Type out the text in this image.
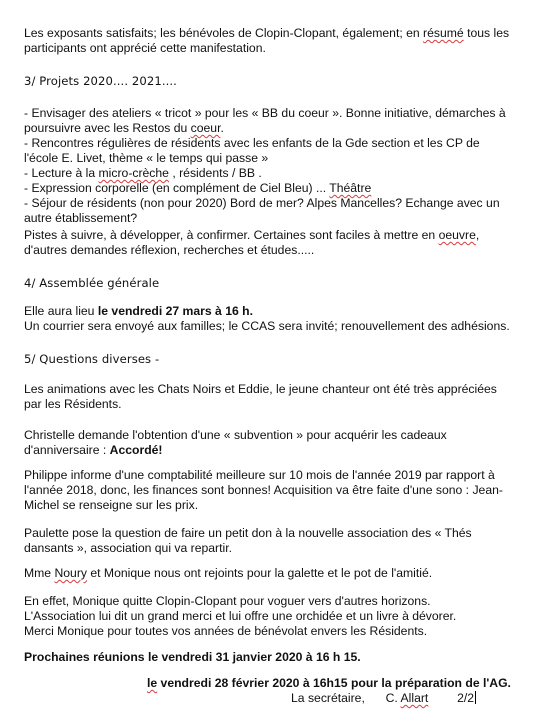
Les exposants satisfaits; les bénévoles de Clopin-Clopant, également; en résumé tous les
participants ont apprécié cette manifestation.
3/ Projets 2020.... 2021....
- Envisager des ateliers « tricot » pour les « BB du coeur ». Bonne initiative, démarches à
poursuivre avec les Restos du coeur.
- Rencontres régulières de résidents avec les enfants de la Gde section et les CP de
l'école E. Livet, thème « le temps qui passe »
- Lecture à la micro-crèche , résidents / BB .
- Expression corporelle (en complément de Ciel Bleu) ... Théâtre
- Séjour de résidents (non pour 2020) Bord de mer? Alpes Mancelles? Echange avec un
autre établissement?
Pistes à suivre, à développer, à confirmer. Certaines sont faciles à mettre en oeuvre,
d'autres demandes réflexion, recherches et études.....
4/ Assemblée générale
Elle aura lieu le vendredi 27 mars à 16 h.
Un courrier sera envoyé aux familles; le CCAS sera invité; renouvellement des adhésions.
5/ Questions diverses -
Les animations avec les Chats Noirs et Eddie, le jeune chanteur ont été très appréciées
par les Résidents.
Christelle demande l'obtention d'une « subvention » pour acquérir les cadeaux
d'anniversaire : Accordé!
Philippe informe d'une comptabilité meilleure sur 10 mois de l'année 2019 par rapport à
l'année 2018, donc, les finances sont bonnes! Acquisition va être faite d'une sono : Jean-
Michel se renseigne sur les prix.
Paulette pose la question de faire un petit don à la nouvelle association des « Thés
dansants », association qui va repartir.
Mme Noury et Monique nous ont rejoints pour la galette et le pot de l'amitié.
En effet, Monique quitte Clopin-Clopant pour voguer vers d'autres horizons.
L'Association lui dit un grand merci et lui offre une orchidée et un livre à dévorer.
Merci Monique pour toutes vos années de bénévolat envers les Résidents.
Prochaines réunions le vendredi 31 janvier 2020 à 16 h 15.
le vendredi 28 février 2020 à 16h15 pour la préparation de l'AG.
La secrétaire, C. Allart 2/2
